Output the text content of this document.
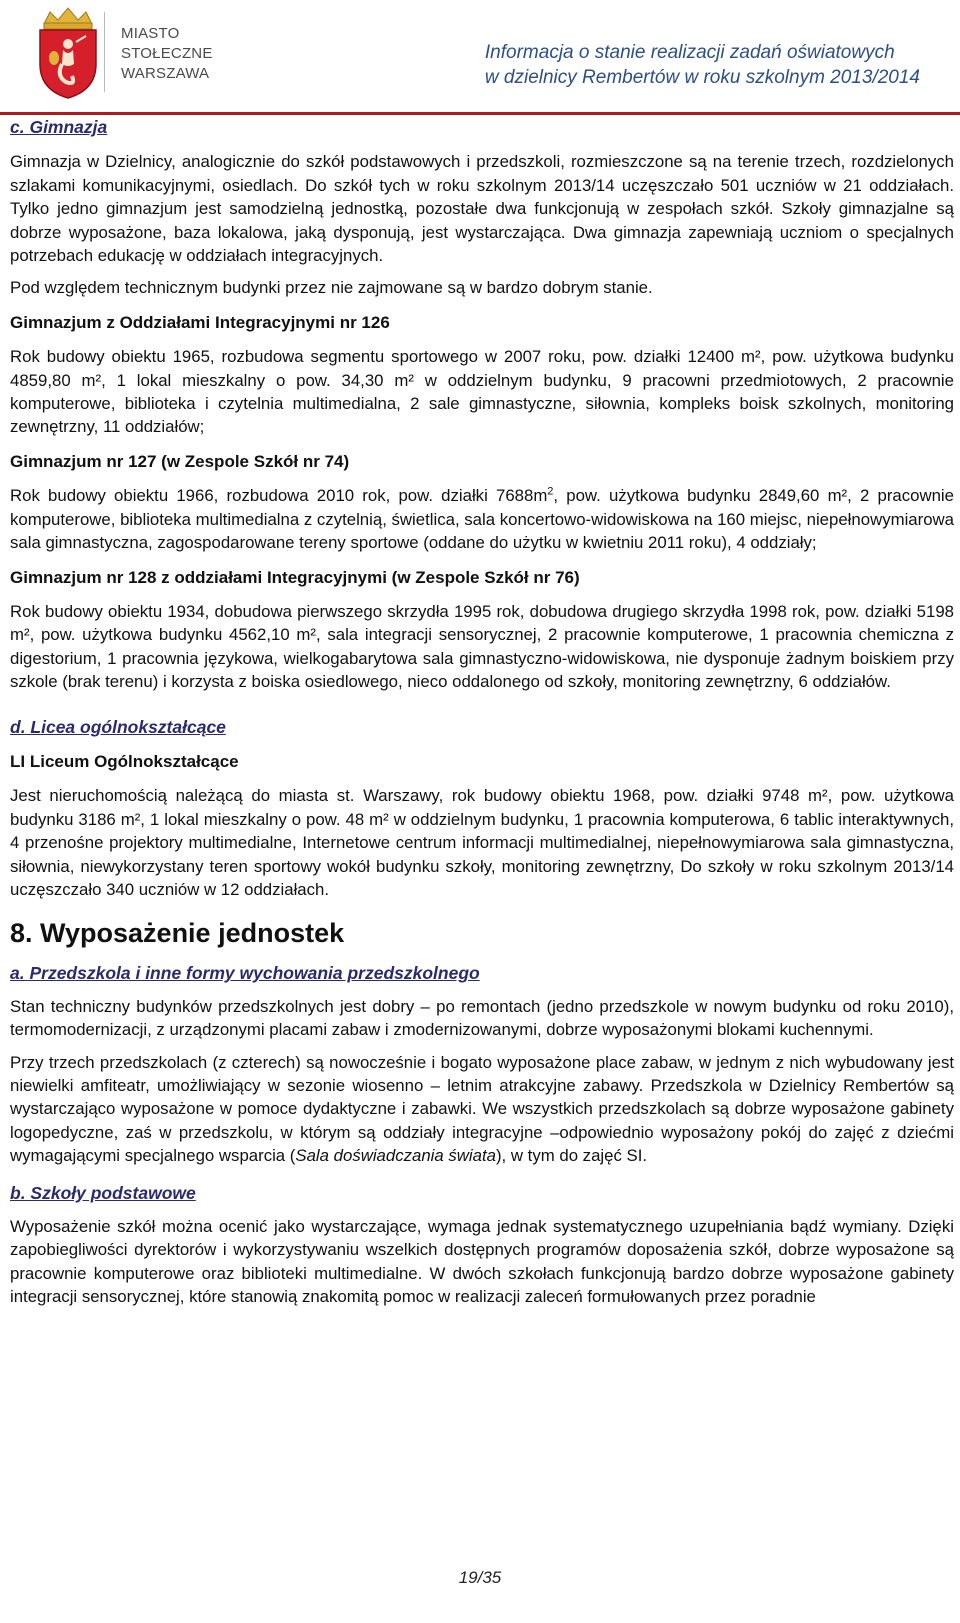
MIASTO
STOŁECZNE
WARSZAWA
Informacja o stanie realizacji zadań oświatowych
w dzielnicy Rembertów w roku szkolnym 2013/2014

c. Gimnazja

Gimnazja w Dzielnicy, analogicznie do szkół podstawowych i przedszkoli, rozmieszczone są na terenie trzech, rozdzielonych szlakami komunikacyjnymi, osiedlach. Do szkół tych w roku szkolnym 2013/14 uczęszczało 501 uczniów w 21 oddziałach. Tylko jedno gimnazjum jest samodzielną jednostką, pozostałe dwa funkcjonują w zespołach szkół. Szkoły gimnazjalne są dobrze wyposażone, baza lokalowa, jaką dysponują, jest wystarczająca. Dwa gimnazja zapewniają uczniom o specjalnych potrzebach edukację w oddziałach integracyjnych.

Pod względem technicznym budynki przez nie zajmowane są w bardzo dobrym stanie.

Gimnazjum z Oddziałami Integracyjnymi nr 126

Rok budowy obiektu 1965, rozbudowa segmentu sportowego w 2007 roku, pow. działki 12400 m², pow. użytkowa budynku 4859,80 m², 1 lokal mieszkalny o pow. 34,30 m² w oddzielnym budynku, 9 pracowni przedmiotowych, 2 pracownie komputerowe, biblioteka i czytelnia multimedialna, 2 sale gimnastyczne, siłownia, kompleks boisk szkolnych, monitoring zewnętrzny, 11 oddziałów;

Gimnazjum nr 127 (w Zespole Szkół nr 74)

Rok budowy obiektu 1966, rozbudowa 2010 rok, pow. działki $7688m^2$, pow. użytkowa budynku 2849,60 m², 2 pracownie komputerowe, biblioteka multimedialna z czytelnią, świetlica, sala koncertowo-widowiskowa na 160 miejsc, niepełnowymiarowa sala gimnastyczna, zagospodarowane tereny sportowe (oddane do użytku w kwietniu 2011 roku), 4 oddziały;

Gimnazjum nr 128 z oddziałami Integracyjnymi (w Zespole Szkół nr 76)

Rok budowy obiektu 1934, dobudowa pierwszego skrzydła 1995 rok, dobudowa drugiego skrzydła 1998 rok, pow. działki 5198 m², pow. użytkowa budynku 4562,10 m², sala integracji sensorycznej, 2 pracownie komputerowe, 1 pracownia chemiczna z digestorium, 1 pracownia językowa, wielkogabarytowa sala gimnastyczno-widowiskowa, nie dysponuje żadnym boiskiem przy szkole (brak terenu) i korzysta z boiska osiedlowego, nieco oddalonego od szkoły, monitoring zewnętrzny, 6 oddziałów.

d. Licea ogólnokształcące

LI Liceum Ogólnokształcące

Jest nieruchomością należącą do miasta st. Warszawy, rok budowy obiektu 1968, pow. działki 9748 m², pow. użytkowa budynku 3186 m², 1 lokal mieszkalny o pow. 48 m² w oddzielnym budynku, 1 pracownia komputerowa, 6 tablic interaktywnych, 4 przenośne projektory multimedialne, Internetowe centrum informacji multimedialnej, niepełnowymiarowa sala gimnastyczna, siłownia, niewykorzystany teren sportowy wokół budynku szkoły, monitoring zewnętrzny, Do szkoły w roku szkolnym 2013/14 uczęszczało 340 uczniów w 12 oddziałach.

8. Wyposażenie jednostek

a. Przedszkola i inne formy wychowania przedszkolnego

Stan techniczny budynków przedszkolnych jest dobry – po remontach (jedno przedszkole w nowym budynku od roku 2010), termomodernizacji, z urządzonymi placami zabaw i zmodernizowanymi, dobrze wyposażonymi blokami kuchennymi.

Przy trzech przedszkolach (z czterech) są nowocześnie i bogato wyposażone place zabaw, w jednym z nich wybudowany jest niewielki amfiteatr, umożliwiający w sezonie wiosenno – letnim atrakcyjne zabawy. Przedszkola w Dzielnicy Rembertów są wystarczająco wyposażone w pomoce dydaktyczne i zabawki. We wszystkich przedszkolach są dobrze wyposażone gabinety logopedyczne, zaś w przedszkolu, w którym są oddziały integracyjne –odpowiednio wyposażony pokój do zajęć z dziećmi wymagającymi specjalnego wsparcia (Sala doświadczania świata), w tym do zajęć SI.

b. Szkoły podstawowe

Wyposażenie szkół można ocenić jako wystarczające, wymaga jednak systematycznego uzupełniania bądź wymiany. Dzięki zapobiegliwości dyrektorów i wykorzystywaniu wszelkich dostępnych programów doposażenia szkół, dobrze wyposażone są pracownie komputerowe oraz biblioteki multimedialne. W dwóch szkołach funkcjonują bardzo dobrze wyposażone gabinety integracji sensorycznej, które stanowią znakomitą pomoc w realizacji zaleceń formułowanych przez poradnie

19/35
